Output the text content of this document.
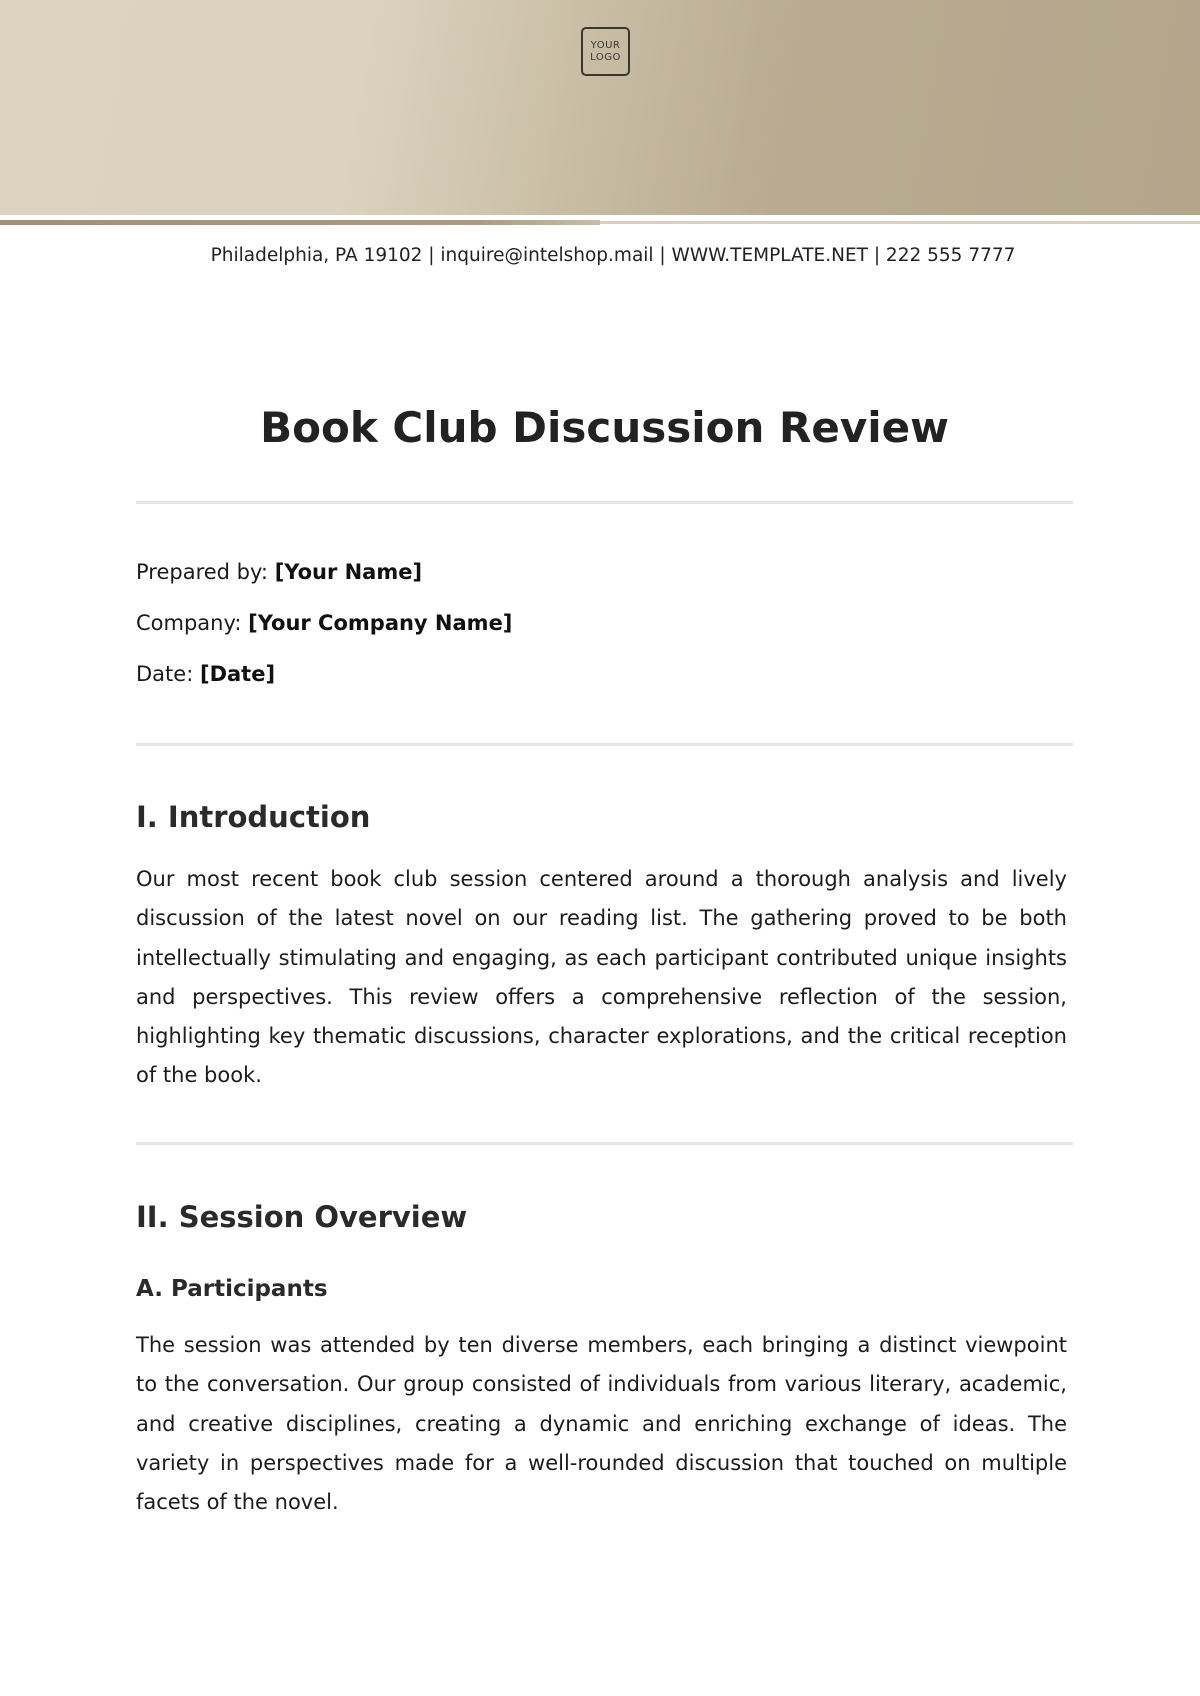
YOUR
LOGO
Philadelphia, PA 19102 | inquire@intelshop.mail | WWW.TEMPLATE.NET | 222 555 7777
Book Club Discussion Review
Prepared by: [Your Name]
Company: [Your Company Name]
Date: [Date]
I. Introduction

Our most recent book club session centered around a thorough analysis and lively discussion of the latest novel on our reading list. The gathering proved to be both intellectually stimulating and engaging, as each participant contributed unique insights and perspectives. This review offers a comprehensive reflection of the session, highlighting key thematic discussions, character explorations, and the critical reception of the book.

II. Session Overview
A. Participants

The session was attended by ten diverse members, each bringing a distinct viewpoint to the conversation. Our group consisted of individuals from various literary, academic, and creative disciplines, creating a dynamic and enriching exchange of ideas. The variety in perspectives made for a well-rounded discussion that touched on multiple facets of the novel.
